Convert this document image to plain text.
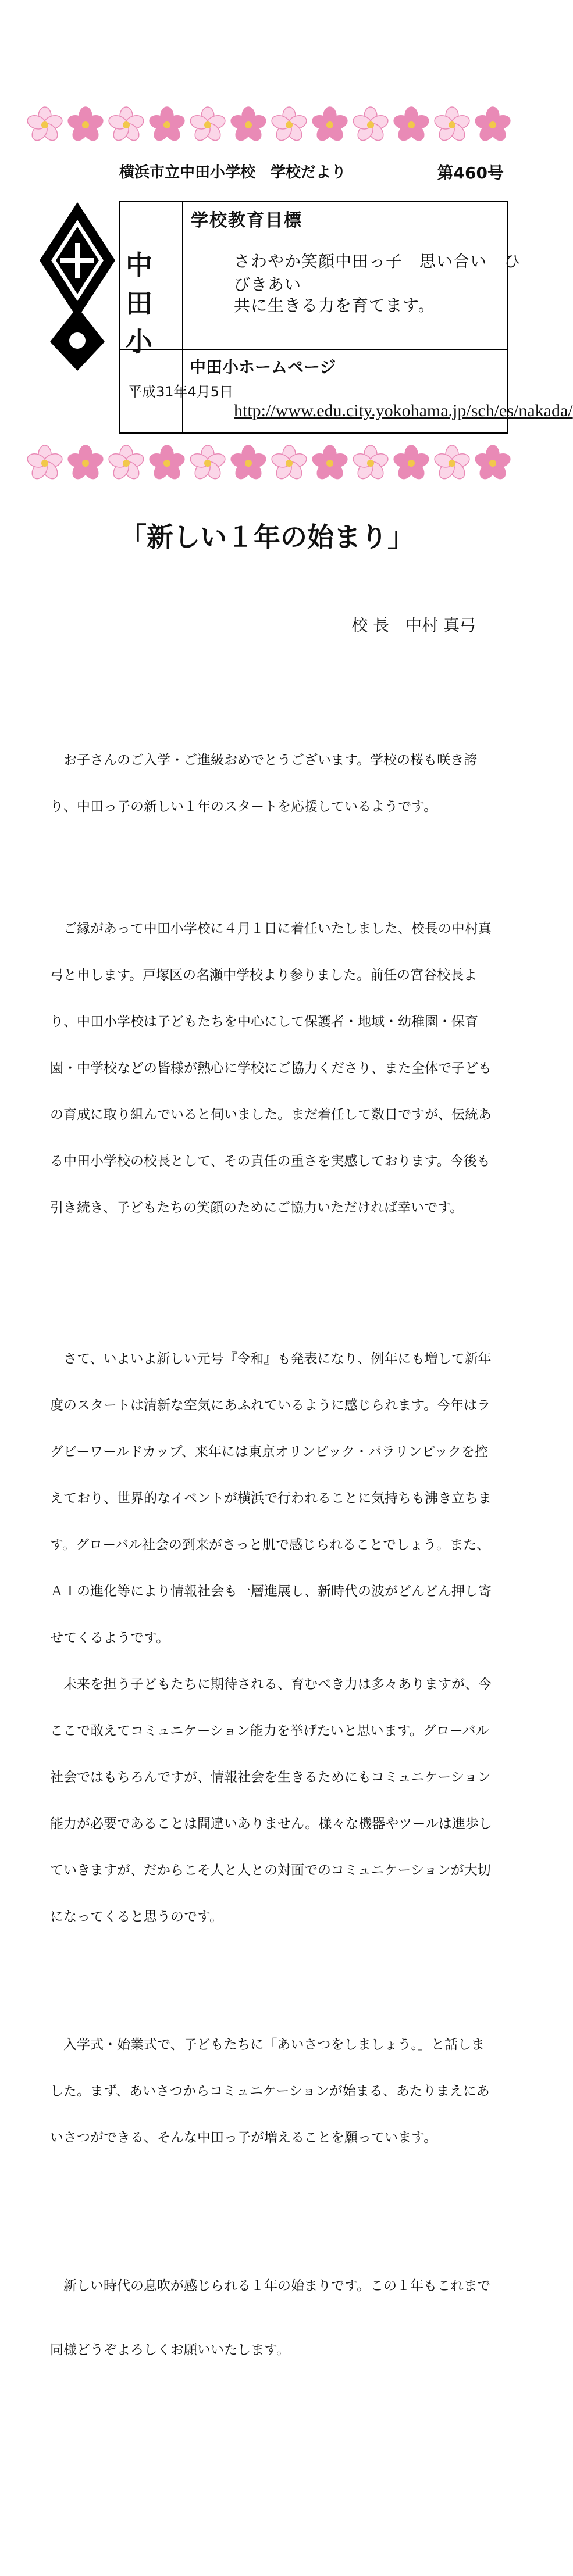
横浜市立中田小学校　学校だより	第460号
中田小
平成31年4月5日
学校教育目標
さわやか笑顔中田っ子　思い合い　ひびきあい
共に生きる力を育てます。
中田小ホームページ
http://www.edu.city.yokohama.jp/sch/es/nakada/
「新しい１年の始まり」
校 長　中村 真弓

お子さんのご入学・ご進級おめでとうございます。学校の桜も咲き誇り、中田っ子の新しい１年のスタートを応援しているようです。

ご縁があって中田小学校に４月１日に着任いたしました、校長の中村真弓と申します。戸塚区の名瀬中学校より参りました。前任の宮谷校長より、中田小学校は子どもたちを中心にして保護者・地域・幼稚園・保育園・中学校などの皆様が熱心に学校にご協力くださり、また全体で子どもの育成に取り組んでいると伺いました。まだ着任して数日ですが、伝統ある中田小学校の校長として、その責任の重さを実感しております。今後も引き続き、子どもたちの笑顔のためにご協力いただければ幸いです。

さて、いよいよ新しい元号『令和』も発表になり、例年にも増して新年度のスタートは清新な空気にあふれているように感じられます。今年はラグビーワールドカップ、来年には東京オリンピック・パラリンピックを控えており、世界的なイベントが横浜で行われることに気持ちも沸き立ちます。グローバル社会の到来がさっと肌で感じられることでしょう。また、ＡＩの進化等により情報社会も一層進展し、新時代の波がどんどん押し寄せてくるようです。

未来を担う子どもたちに期待される、育むべき力は多々ありますが、今ここで敢えてコミュニケーション能力を挙げたいと思います。グローバル社会ではもちろんですが、情報社会を生きるためにもコミュニケーション能力が必要であることは間違いありません。様々な機器やツールは進歩していきますが、だからこそ人と人との対面でのコミュニケーションが大切になってくると思うのです。

入学式・始業式で、子どもたちに「あいさつをしましょう。」と話しました。まず、あいさつからコミュニケーションが始まる、あたりまえにあいさつができる、そんな中田っ子が増えることを願っています。

新しい時代の息吹が感じられる１年の始まりです。この１年もこれまで同様どうぞよろしくお願いいたします。
